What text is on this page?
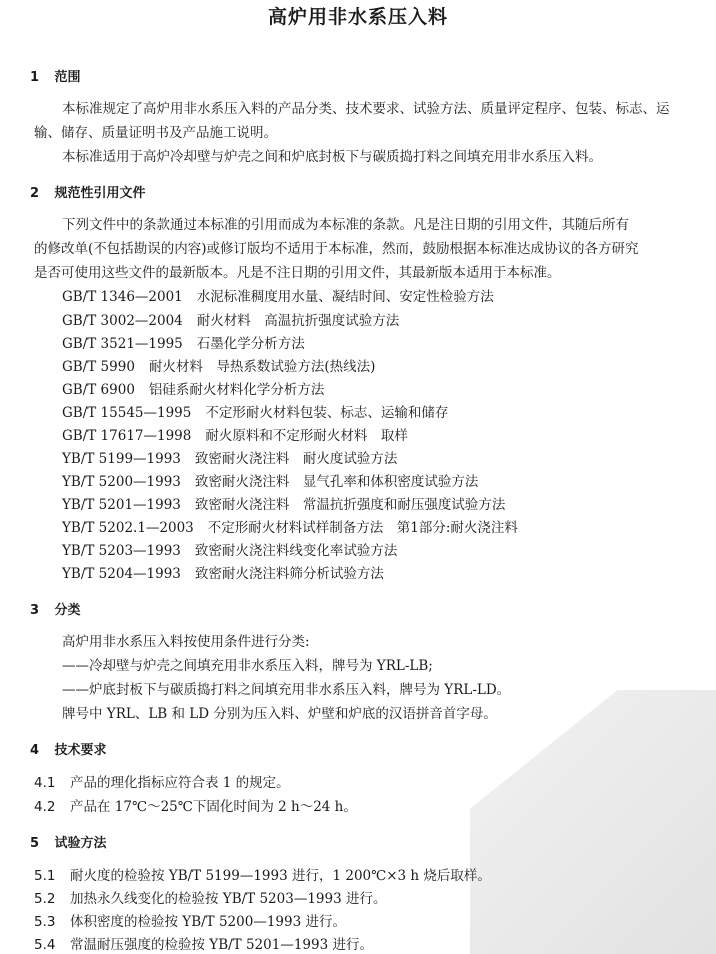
高炉用非水系压入料
1 范围
本标准规定了高炉用非水系压入料的产品分类、技术要求、试验方法、质量评定程序、包装、标志、运
输、储存、质量证明书及产品施工说明。
本标准适用于高炉冷却壁与炉壳之间和炉底封板下与碳质捣打料之间填充用非水系压入料。
2 规范性引用文件
下列文件中的条款通过本标准的引用而成为本标准的条款。凡是注日期的引用文件，其随后所有
的修改单(不包括勘误的内容)或修订版均不适用于本标准，然而，鼓励根据本标准达成协议的各方研究
是否可使用这些文件的最新版本。凡是不注日期的引用文件，其最新版本适用于本标准。
GB/T 1346—2001 水泥标准稠度用水量、凝结时间、安定性检验方法
GB/T 3002—2004 耐火材料　高温抗折强度试验方法
GB/T 3521—1995 石墨化学分析方法
GB/T 5990 耐火材料　导热系数试验方法(热线法)
GB/T 6900 铝硅系耐火材料化学分析方法
GB/T 15545—1995 不定形耐火材料包装、标志、运输和储存
GB/T 17617—1998 耐火原料和不定形耐火材料　取样
YB/T 5199—1993 致密耐火浇注料　耐火度试验方法
YB/T 5200—1993 致密耐火浇注料　显气孔率和体积密度试验方法
YB/T 5201—1993 致密耐火浇注料　常温抗折强度和耐压强度试验方法
YB/T 5202.1—2003 不定形耐火材料试样制备方法　第1部分:耐火浇注料
YB/T 5203—1993 致密耐火浇注料线变化率试验方法
YB/T 5204—1993 致密耐火浇注料筛分析试验方法
3 分类
高炉用非水系压入料按使用条件进行分类:
——冷却壁与炉壳之间填充用非水系压入料，牌号为 YRL-LB;
——炉底封板下与碳质捣打料之间填充用非水系压入料，牌号为 YRL-LD。
牌号中 YRL、LB 和 LD 分别为压入料、炉壁和炉底的汉语拼音首字母。
4 技术要求
4.1 产品的理化指标应符合表 1 的规定。
4.2 产品在 17℃～25℃下固化时间为 2 h～24 h。
5 试验方法
5.1 耐火度的检验按 YB/T 5199—1993 进行，1 200℃×3 h 烧后取样。
5.2 加热永久线变化的检验按 YB/T 5203—1993 进行。
5.3 体积密度的检验按 YB/T 5200—1993 进行。
5.4 常温耐压强度的检验按 YB/T 5201—1993 进行。
